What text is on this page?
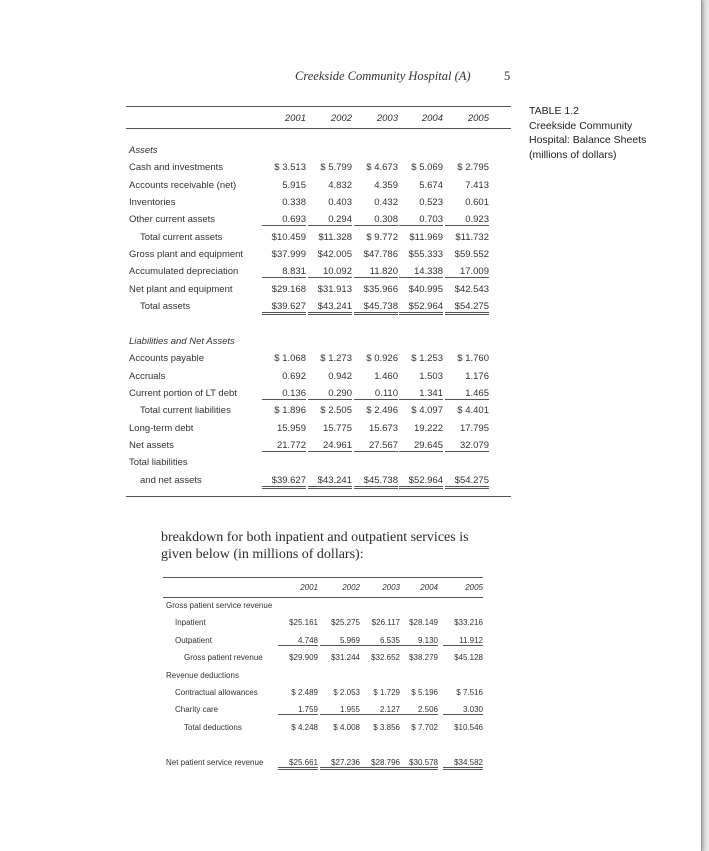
Creekside Community Hospital (A)	5
TABLE 1.2
Creekside Community
Hospital: Balance Sheets
(millions of dollars)
2001	2002	2003	2004	2005
Assets
Cash and investments	$ 3.513	$ 5.799	$ 4.673	$ 5.069	$ 2.795
Accounts receivable (net)	5.915	4.832	4.359	5.674	7.413
Inventories	0.338	0.403	0.432	0.523	0.601
Other current assets	0.693	0.294	0.308	0.703	0.923
Total current assets	$10.459	$11.328	$ 9.772	$11.969	$11.732
Gross plant and equipment	$37.999	$42.005	$47.786	$55.333	$59.552
Accumulated depreciation	8.831	10.092	11.820	14.338	17.009
Net plant and equipment	$29.168	$31.913	$35.966	$40.995	$42.543
Total assets	$39.627	$43.241	$45.738	$52.964	$54.275
Liabilities and Net Assets
Accounts payable	$ 1.068	$ 1.273	$ 0.926	$ 1.253	$ 1.760
Accruals	0.692	0.942	1.460	1.503	1.176
Current portion of LT debt	0.136	0.290	0.110	1.341	1.465
Total current liabilities	$ 1.896	$ 2.505	$ 2.496	$ 4.097	$ 4.401
Long-term debt	15.959	15.775	15.673	19.222	17.795
Net assets	21.772	24.961	27.567	29.645	32.079
Total liabilities
and net assets	$39.627	$43.241	$45.738	$52.964	$54.275
breakdown for both inpatient and outpatient services is
given below (in millions of dollars):
2001	2002	2003	2004	2005
Gross patient service revenue
Inpatient	$25.161	$25.275	$26.117	$28.149	$33.216
Outpatient	4.748	5.969	6.535	9.130	11.912
Gross patient revenue	$29.909	$31.244	$32.652	$38.279	$45.128
Revenue deductions
Contractual allowances	$ 2.489	$ 2.053	$ 1.729	$ 5.196	$ 7.516
Charity care	1.759	1.955	2.127	2.506	3.030
Total deductions	$ 4.248	$ 4.008	$ 3.856	$ 7.702	$10.546
Net patient service revenue	$25.661	$27.236	$28.796	$30.578	$34.582
